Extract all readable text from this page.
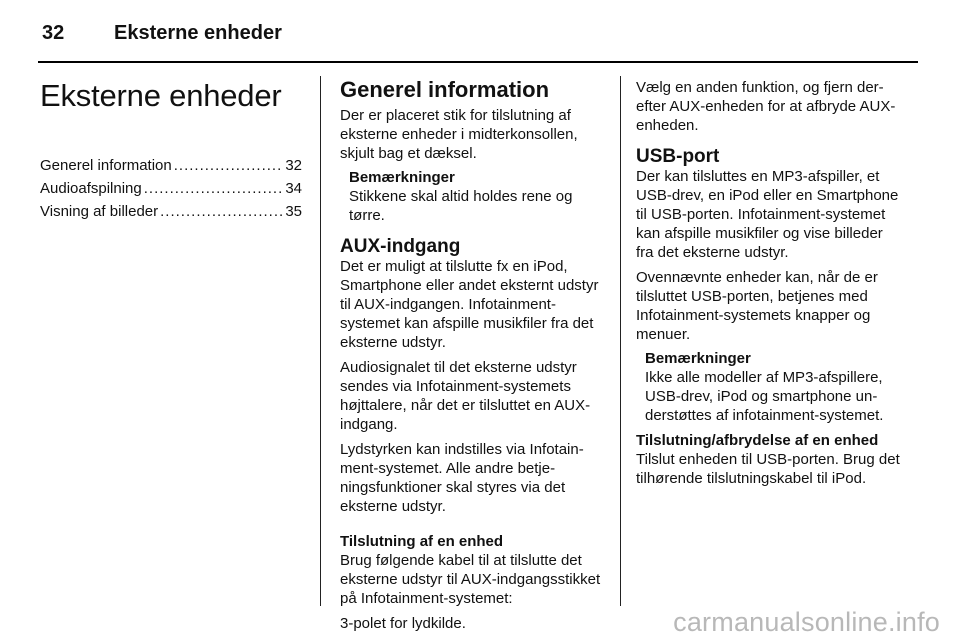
32 Eksterne enheder
Eksterne enheder
Generel information .....	32
Audioafspilning .....	34
Visning af billeder .....	35
Generel information

Der er placeret stik for tilslutning af eksterne enheder i midterkonsollen, skjult bag et dæksel.

Bemærkninger
Stikkene skal altid holdes rene og tørre.
AUX-indgang

Det er muligt at tilslutte fx en iPod, Smartphone eller andet eksternt udstyr til AUX-indgangen. Infotainmentsystemet kan afspille musikfiler fra det eksterne udstyr.

Audiosignalet til det eksterne udstyr sendes via Infotainment-systemets højttalere, når det er tilsluttet en AUX-indgang.

Lydstyrken kan indstilles via Infotainment-systemet. Alle andre betjeningsfunktioner skal styres via det eksterne udstyr.

Tilslutning af en enhed

Brug følgende kabel til at tilslutte det eksterne udstyr til AUX-indgangsstikket på Infotainment-systemet:

3-polet for lydkilde.

Vælg en anden funktion, og fjern derefter AUX-enheden for at afbryde AUX-enheden.

USB-port

Der kan tilsluttes en MP3-afspiller, et USB-drev, en iPod eller en Smartphone til USB-porten. Infotainment-systemet kan afspille musikfiler og vise billeder fra det eksterne udstyr.

Ovennævnte enheder kan, når de er tilsluttet USB-porten, betjenes med Infotainment-systemets knapper og menuer.

Bemærkninger
Ikke alle modeller af MP3-afspillere, USB-drev, iPod og smartphone understøttes af infotainment-systemet.
Tilslutning/afbrydelse af en enhed

Tilslut enheden til USB-porten. Brug det tilhørende tilslutningskabel til iPod.

carmanualsonline.info
